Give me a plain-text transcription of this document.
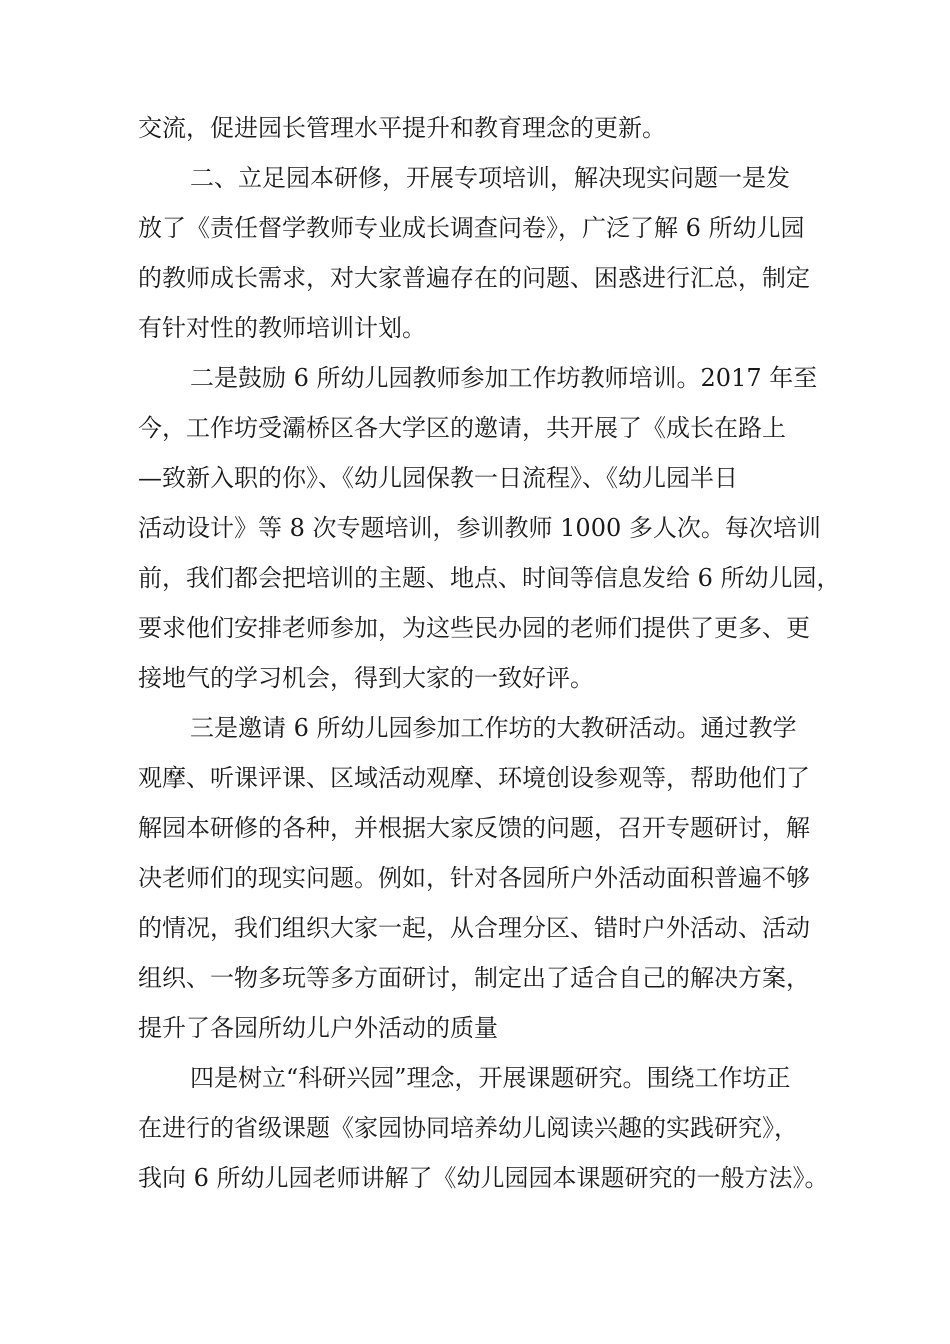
交流，促进园长管理水平提升和教育理念的更新。
二、立足园本研修，开展专项培训，解决现实问题一是发
放了《责任督学教师专业成长调查问卷》，广泛了解 6 所幼儿园
的教师成长需求，对大家普遍存在的问题、困惑进行汇总，制定
有针对性的教师培训计划。
二是鼓励 6 所幼儿园教师参加工作坊教师培训。2017 年至
今，工作坊受灞桥区各大学区的邀请，共开展了《成长在路上
—致新入职的你》、《幼儿园保教一日流程》、《幼儿园半日
活动设计》等 8 次专题培训，参训教师 1000 多人次。每次培训
前，我们都会把培训的主题、地点、时间等信息发给 6 所幼儿园，
要求他们安排老师参加，为这些民办园的老师们提供了更多、更
接地气的学习机会，得到大家的一致好评。
三是邀请 6 所幼儿园参加工作坊的大教研活动。通过教学
观摩、听课评课、区域活动观摩、环境创设参观等，帮助他们了
解园本研修的各种，并根据大家反馈的问题，召开专题研讨，解
决老师们的现实问题。例如，针对各园所户外活动面积普遍不够
的情况，我们组织大家一起，从合理分区、错时户外活动、活动
组织、一物多玩等多方面研讨，制定出了适合自己的解决方案，
提升了各园所幼儿户外活动的质量
四是树立“科研兴园”理念，开展课题研究。围绕工作坊正
在进行的省级课题《家园协同培养幼儿阅读兴趣的实践研究》，
我向 6 所幼儿园老师讲解了《幼儿园园本课题研究的一般方法》。
